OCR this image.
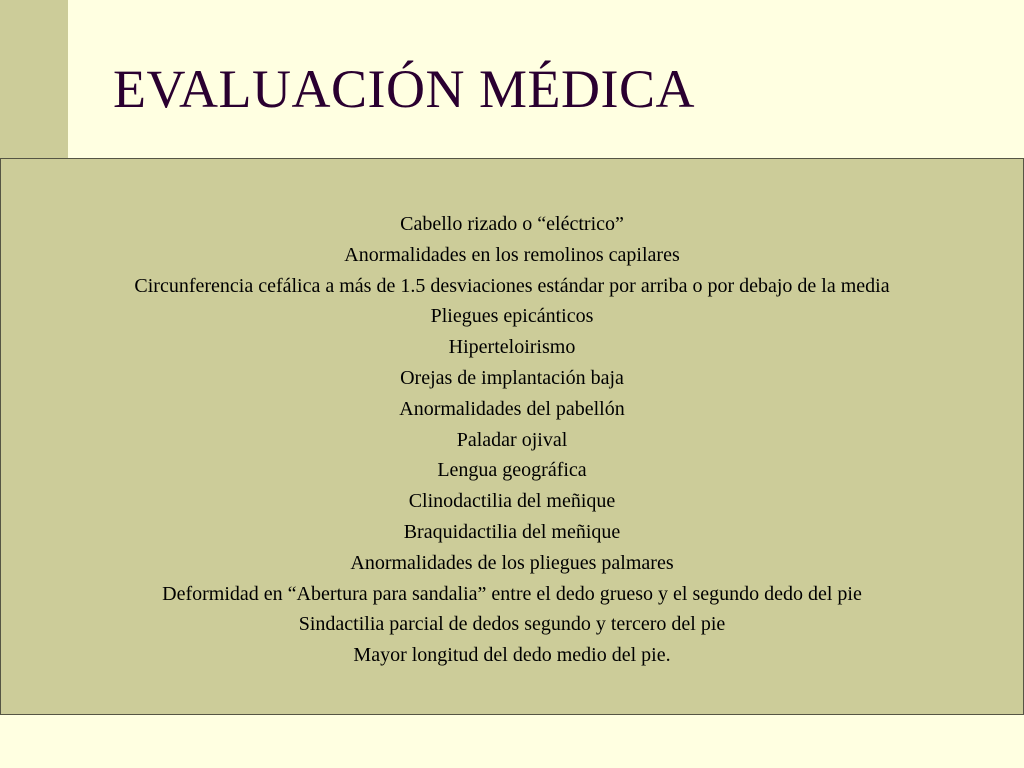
EVALUACIÓN MÉDICA
Cabello rizado o “eléctrico”
Anormalidades en los remolinos capilares
Circunferencia cefálica a más de 1.5 desviaciones estándar por arriba o por debajo de la media
Pliegues epicánticos
Hiperteloirismo
Orejas de implantación baja
Anormalidades del pabellón
Paladar ojival
Lengua geográfica
Clinodactilia del meñique
Braquidactilia del meñique
Anormalidades de los pliegues palmares
Deformidad en “Abertura para sandalia” entre el dedo grueso y el segundo dedo del pie
Sindactilia parcial de dedos segundo y tercero del pie
Mayor longitud del dedo medio del pie.
